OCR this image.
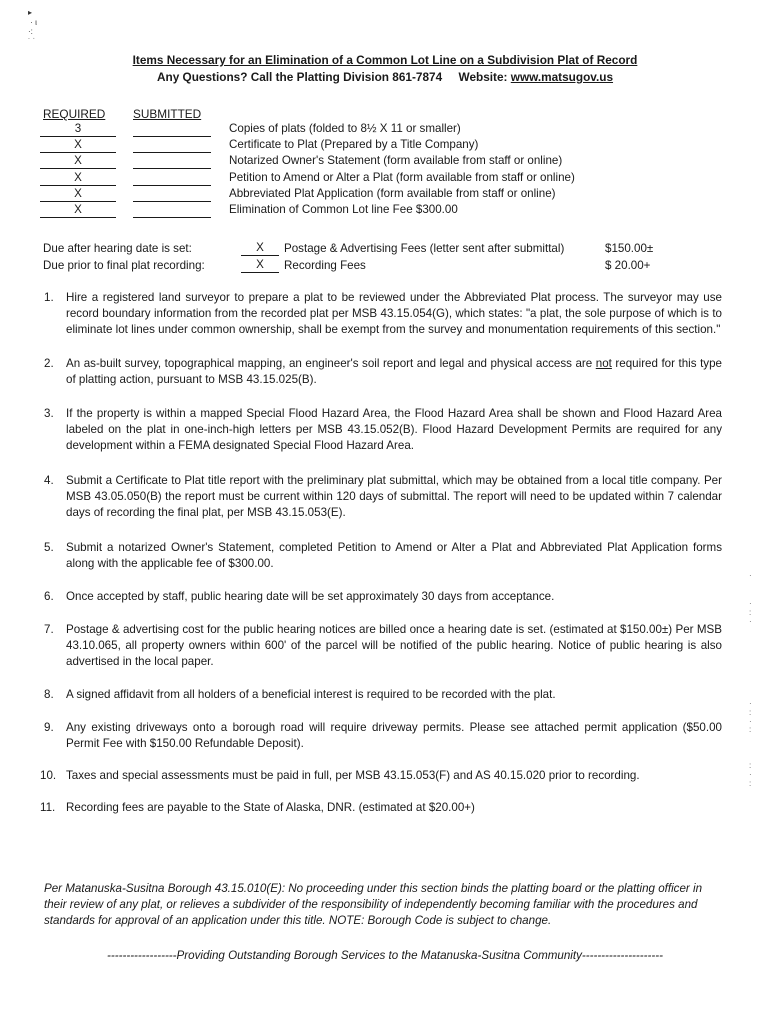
▸
· ι
·:
˙ ˙
Items Necessary for an Elimination of a Common Lot Line on a Subdivision Plat of Record
Any Questions? Call the Platting Division 861-7874 Website: www.matsugov.us
REQUIRED SUBMITTED
3	Copies of plats (folded to 8½ X 11 or smaller)
X	Certificate to Plat (Prepared by a Title Company)
X	Notarized Owner's Statement (form available from staff or online)
X	Petition to Amend or Alter a Plat (form available from staff or online)
X	Abbreviated Plat Application (form available from staff or online)
X	Elimination of Common Lot line Fee $300.00
Due after hearing date is set:	X	Postage & Advertising Fees (letter sent after submittal)	$150.00±
Due prior to final plat recording:	X	Recording Fees	$ 20.00+
1. Hire a registered land surveyor to prepare a plat to be reviewed under the Abbreviated Plat process. The surveyor may use record boundary information from the recorded plat per MSB 43.15.054(G), which states: "a plat, the sole purpose of which is to eliminate lot lines under common ownership, shall be exempt from the survey and monumentation requirements of this section."
2. An as-built survey, topographical mapping, an engineer's soil report and legal and physical access are not required for this type of platting action, pursuant to MSB 43.15.025(B).
3. If the property is within a mapped Special Flood Hazard Area, the Flood Hazard Area shall be shown and Flood Hazard Area labeled on the plat in one-inch-high letters per MSB 43.15.052(B). Flood Hazard Development Permits are required for any development within a FEMA designated Special Flood Hazard Area.
4. Submit a Certificate to Plat title report with the preliminary plat submittal, which may be obtained from a local title company. Per MSB 43.05.050(B) the report must be current within 120 days of submittal. The report will need to be updated within 7 calendar days of recording the final plat, per MSB 43.15.053(E).
5. Submit a notarized Owner's Statement, completed Petition to Amend or Alter a Plat and Abbreviated Plat Application forms along with the applicable fee of $300.00.
6. Once accepted by staff, public hearing date will be set approximately 30 days from acceptance.
7. Postage & advertising cost for the public hearing notices are billed once a hearing date is set. (estimated at $150.00±) Per MSB 43.10.065, all property owners within 600' of the parcel will be notified of the public hearing. Notice of public hearing is also advertised in the local paper.
8. A signed affidavit from all holders of a beneficial interest is required to be recorded with the plat.
9. Any existing driveways onto a borough road will require driveway permits. Please see attached permit application ($50.00 Permit Fee with $150.00 Refundable Deposit).
10. Taxes and special assessments must be paid in full, per MSB 43.15.053(F) and AS 40.15.020 prior to recording.
11. Recording fees are payable to the State of Alaska, DNR. (estimated at $20.00+)
Per Matanuska-Susitna Borough 43.15.010(E): No proceeding under this section binds the platting board or the platting officer in their review of any plat, or relieves a subdivider of the responsibility of independently becoming familiar with the procedures and standards for approval of an application under this title. NOTE: Borough Code is subject to change.
------------------Providing Outstanding Borough Services to the Matanuska-Susitna Community---------------------
·
·
:
·
·
:
·
:
:
·
:
